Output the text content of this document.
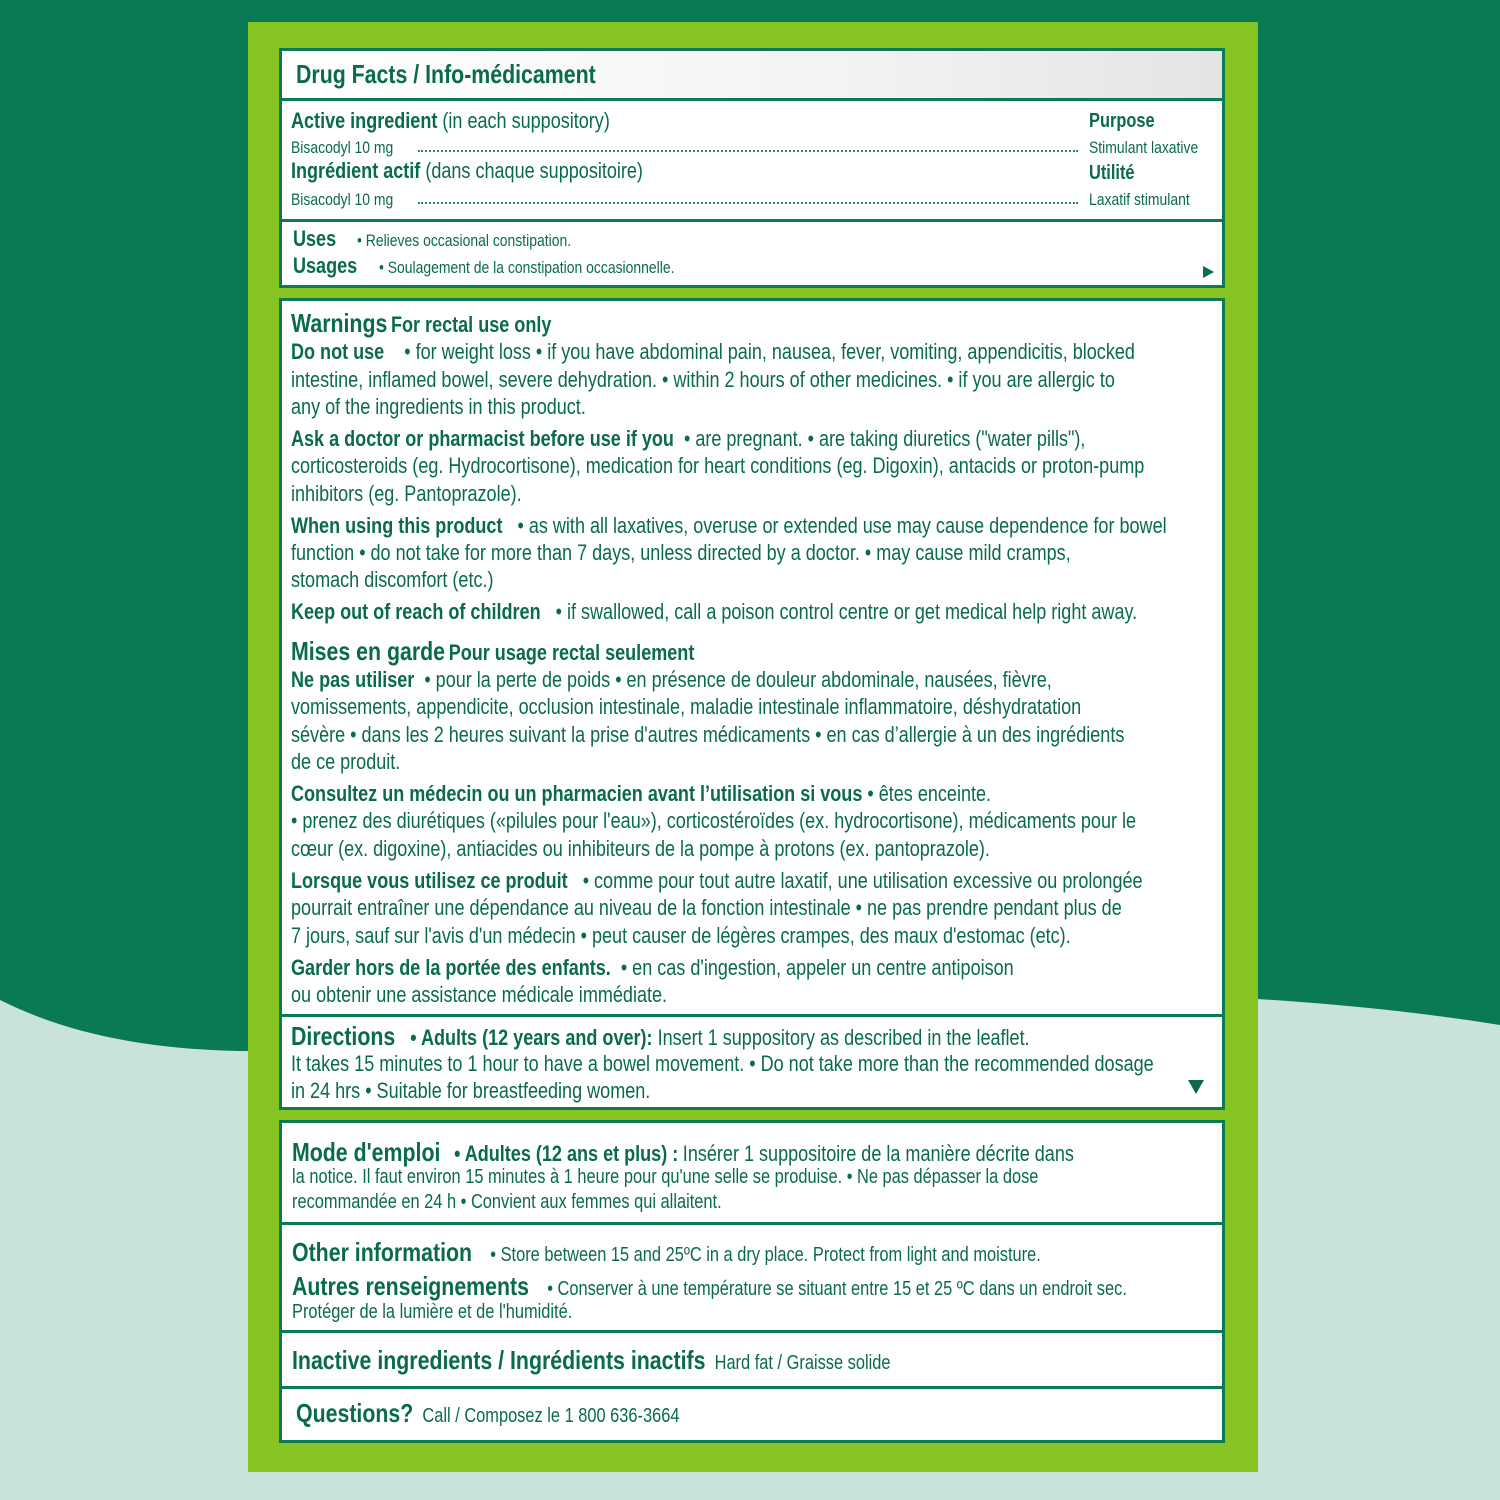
Drug Facts / Info-médicament
Active ingredient (in each suppository)
Bisacodyl 10 mg
Purpose
Stimulant laxative
Ingrédient actif (dans chaque suppositoire)
Bisacodyl 10 mg
Utilité
Laxatif stimulant
Uses	• Relieves occasional constipation.
Usages	• Soulagement de la constipation occasionnelle.
Warnings For rectal use only
Do not use • for weight loss • if you have abdominal pain, nausea, fever, vomiting, appendicitis, blocked
intestine, inflamed bowel, severe dehydration. • within 2 hours of other medicines. • if you are allergic to
any of the ingredients in this product.
Ask a doctor or pharmacist before use if you • are pregnant. • are taking diuretics ("water pills"),
corticosteroids (eg. Hydrocortisone), medication for heart conditions (eg. Digoxin), antacids or proton-pump
inhibitors (eg. Pantoprazole).
When using this product • as with all laxatives, overuse or extended use may cause dependence for bowel
function • do not take for more than 7 days, unless directed by a doctor. • may cause mild cramps,
stomach discomfort (etc.)
Keep out of reach of children • if swallowed, call a poison control centre or get medical help right away.
Mises en garde Pour usage rectal seulement
Ne pas utiliser • pour la perte de poids • en présence de douleur abdominale, nausées, fièvre,
vomissements, appendicite, occlusion intestinale, maladie intestinale inflammatoire, déshydratation
sévère • dans les 2 heures suivant la prise d'autres médicaments • en cas d’allergie à un des ingrédients
de ce produit.
Consultez un médecin ou un pharmacien avant l’utilisation si vous • êtes enceinte.
• prenez des diurétiques («pilules pour l'eau»), corticostéroïdes (ex. hydrocortisone), médicaments pour le
cœur (ex. digoxine), antiacides ou inhibiteurs de la pompe à protons (ex. pantoprazole).
Lorsque vous utilisez ce produit • comme pour tout autre laxatif, une utilisation excessive ou prolongée
pourrait entraîner une dépendance au niveau de la fonction intestinale • ne pas prendre pendant plus de
7 jours, sauf sur l'avis d'un médecin • peut causer de légères crampes, des maux d'estomac (etc).
Garder hors de la portée des enfants. • en cas d'ingestion, appeler un centre antipoison
ou obtenir une assistance médicale immédiate.
Directions • Adults (12 years and over): Insert 1 suppository as described in the leaflet.
It takes 15 minutes to 1 hour to have a bowel movement. • Do not take more than the recommended dosage
in 24 hrs • Suitable for breastfeeding women.
Mode d'emploi • Adultes (12 ans et plus) : Insérer 1 suppositoire de la manière décrite dans
la notice. Il faut environ 15 minutes à 1 heure pour qu'une selle se produise. • Ne pas dépasser la dose
recommandée en 24 h • Convient aux femmes qui allaitent.
Other information • Store between 15 and 25ºC in a dry place. Protect from light and moisture.
Autres renseignements • Conserver à une température se situant entre 15 et 25 ºC dans un endroit sec.
Protéger de la lumière et de l'humidité.
Inactive ingredients / Ingrédients inactifs Hard fat / Graisse solide
Questions? Call / Composez le 1 800 636-3664
